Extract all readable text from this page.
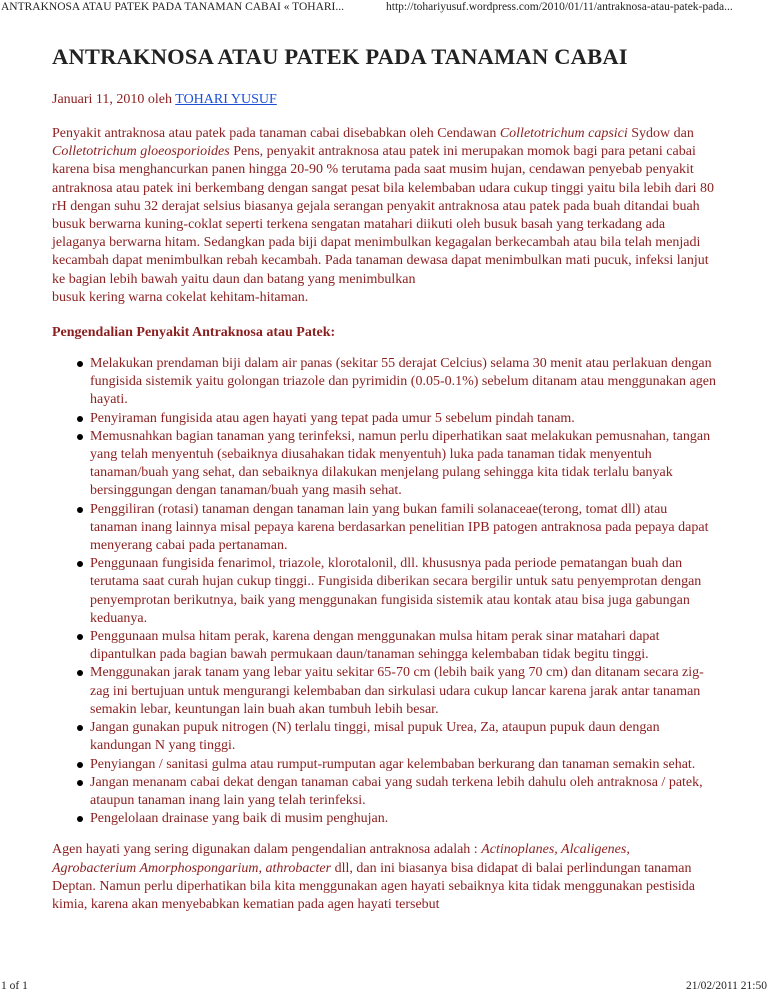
ANTRAKNOSA ATAU PATEK PADA TANAMAN CABAI « TOHARI...	http://tohariyusuf.wordpress.com/2010/01/11/antraknosa-atau-patek-pada...
ANTRAKNOSA ATAU PATEK PADA TANAMAN CABAI
Januari 11, 2010 oleh TOHARI YUSUF

Penyakit antraknosa atau patek pada tanaman cabai disebabkan oleh Cendawan Colletotrichum capsici Sydow dan Colletotrichum gloeosporioides Pens, penyakit antraknosa atau patek ini merupakan momok bagi para petani cabai karena bisa menghancurkan panen hingga 20-90 % terutama pada saat musim hujan, cendawan penyebab penyakit antraknosa atau patek ini berkembang dengan sangat pesat bila kelembaban udara cukup tinggi yaitu bila lebih dari 80 rH dengan suhu 32 derajat selsius biasanya gejala serangan penyakit antraknosa atau patek pada buah ditandai buah busuk berwarna kuning-coklat seperti terkena sengatan matahari diikuti oleh busuk basah yang terkadang ada jelaganya berwarna hitam. Sedangkan pada biji dapat menimbulkan kegagalan berkecambah atau bila telah menjadi kecambah dapat menimbulkan rebah kecambah. Pada tanaman dewasa dapat menimbulkan mati pucuk, infeksi lanjut ke bagian lebih bawah yaitu daun dan batang yang menimbulkan

busuk kering warna cokelat kehitam-hitaman.

Pengendalian Penyakit Antraknosa atau Patek:
Melakukan prendaman biji dalam air panas (sekitar 55 derajat Celcius) selama 30 menit atau perlakuan dengan fungisida sistemik yaitu golongan triazole dan pyrimidin (0.05-0.1%) sebelum ditanam atau menggunakan agen hayati.
Penyiraman fungisida atau agen hayati yang tepat pada umur 5 sebelum pindah tanam.
Memusnahkan bagian tanaman yang terinfeksi, namun perlu diperhatikan saat melakukan pemusnahan, tangan yang telah menyentuh (sebaiknya diusahakan tidak menyentuh) luka pada tanaman tidak menyentuh tanaman/buah yang sehat, dan sebaiknya dilakukan menjelang pulang sehingga kita tidak terlalu banyak bersinggungan dengan tanaman/buah yang masih sehat.
Penggiliran (rotasi) tanaman dengan tanaman lain yang bukan famili solanaceae(terong, tomat dll) atau tanaman inang lainnya misal pepaya karena berdasarkan penelitian IPB patogen antraknosa pada pepaya dapat menyerang cabai pada pertanaman.
Penggunaan fungisida fenarimol, triazole, klorotalonil, dll. khususnya pada periode pematangan buah dan terutama saat curah hujan cukup tinggi.. Fungisida diberikan secara bergilir untuk satu penyemprotan dengan penyemprotan berikutnya, baik yang menggunakan fungisida sistemik atau kontak atau bisa juga gabungan keduanya.
Penggunaan mulsa hitam perak, karena dengan menggunakan mulsa hitam perak sinar matahari dapat dipantulkan pada bagian bawah permukaan daun/tanaman sehingga kelembaban tidak begitu tinggi.
Menggunakan jarak tanam yang lebar yaitu sekitar 65-70 cm (lebih baik yang 70 cm) dan ditanam secara zig-zag ini bertujuan untuk mengurangi kelembaban dan sirkulasi udara cukup lancar karena jarak antar tanaman semakin lebar, keuntungan lain buah akan tumbuh lebih besar.
Jangan gunakan pupuk nitrogen (N) terlalu tinggi, misal pupuk Urea, Za, ataupun pupuk daun dengan kandungan N yang tinggi.
Penyiangan / sanitasi gulma atau rumput-rumputan agar kelembaban berkurang dan tanaman semakin sehat.
Jangan menanam cabai dekat dengan tanaman cabai yang sudah terkena lebih dahulu oleh antraknosa / patek, ataupun tanaman inang lain yang telah terinfeksi.
Pengelolaan drainase yang baik di musim penghujan.

Agen hayati yang sering digunakan dalam pengendalian antraknosa adalah : Actinoplanes, Alcaligenes, Agrobacterium Amorphospongarium, athrobacter dll, dan ini biasanya bisa didapat di balai perlindungan tanaman Deptan. Namun perlu diperhatikan bila kita menggunakan agen hayati sebaiknya kita tidak menggunakan pestisida kimia, karena akan menyebabkan kematian pada agen hayati tersebut

1 of 1	21/02/2011 21:50
